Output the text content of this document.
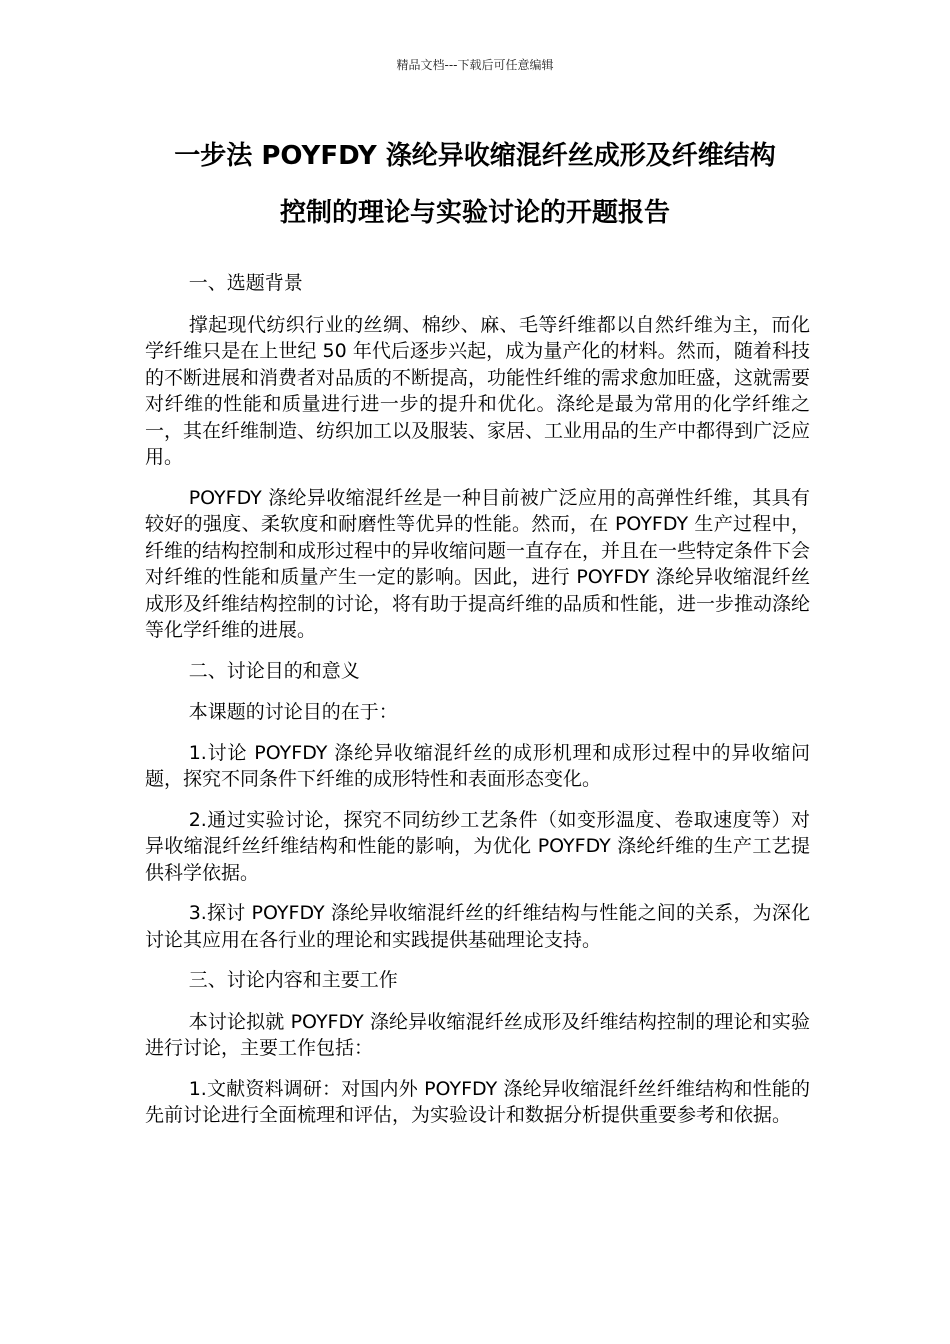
精品文档---下载后可任意编辑
一步法 POYFDY 涤纶异收缩混纤丝成形及纤维结构
控制的理论与实验讨论的开题报告

一、选题背景

撑起现代纺织行业的丝绸、棉纱、麻、毛等纤维都以自然纤维为主，而化学纤维只是在上世纪 50 年代后逐步兴起，成为量产化的材料。然而，随着科技的不断进展和消费者对品质的不断提高，功能性纤维的需求愈加旺盛，这就需要对纤维的性能和质量进行进一步的提升和优化。涤纶是最为常用的化学纤维之一，其在纤维制造、纺织加工以及服装、家居、工业用品的生产中都得到广泛应用。

POYFDY 涤纶异收缩混纤丝是一种目前被广泛应用的高弹性纤维，其具有较好的强度、柔软度和耐磨性等优异的性能。然而，在 POYFDY 生产过程中，纤维的结构控制和成形过程中的异收缩问题一直存在，并且在一些特定条件下会对纤维的性能和质量产生一定的影响。因此，进行 POYFDY 涤纶异收缩混纤丝成形及纤维结构控制的讨论，将有助于提高纤维的品质和性能，进一步推动涤纶等化学纤维的进展。

二、讨论目的和意义

本课题的讨论目的在于：

1.讨论 POYFDY 涤纶异收缩混纤丝的成形机理和成形过程中的异收缩问题，探究不同条件下纤维的成形特性和表面形态变化。

2.通过实验讨论，探究不同纺纱工艺条件（如变形温度、卷取速度等）对异收缩混纤丝纤维结构和性能的影响，为优化 POYFDY 涤纶纤维的生产工艺提供科学依据。

3.探讨 POYFDY 涤纶异收缩混纤丝的纤维结构与性能之间的关系，为深化讨论其应用在各行业的理论和实践提供基础理论支持。

三、讨论内容和主要工作

本讨论拟就 POYFDY 涤纶异收缩混纤丝成形及纤维结构控制的理论和实验进行讨论，主要工作包括：

1.文献资料调研：对国内外 POYFDY 涤纶异收缩混纤丝纤维结构和性能的先前讨论进行全面梳理和评估，为实验设计和数据分析提供重要参考和依据。
